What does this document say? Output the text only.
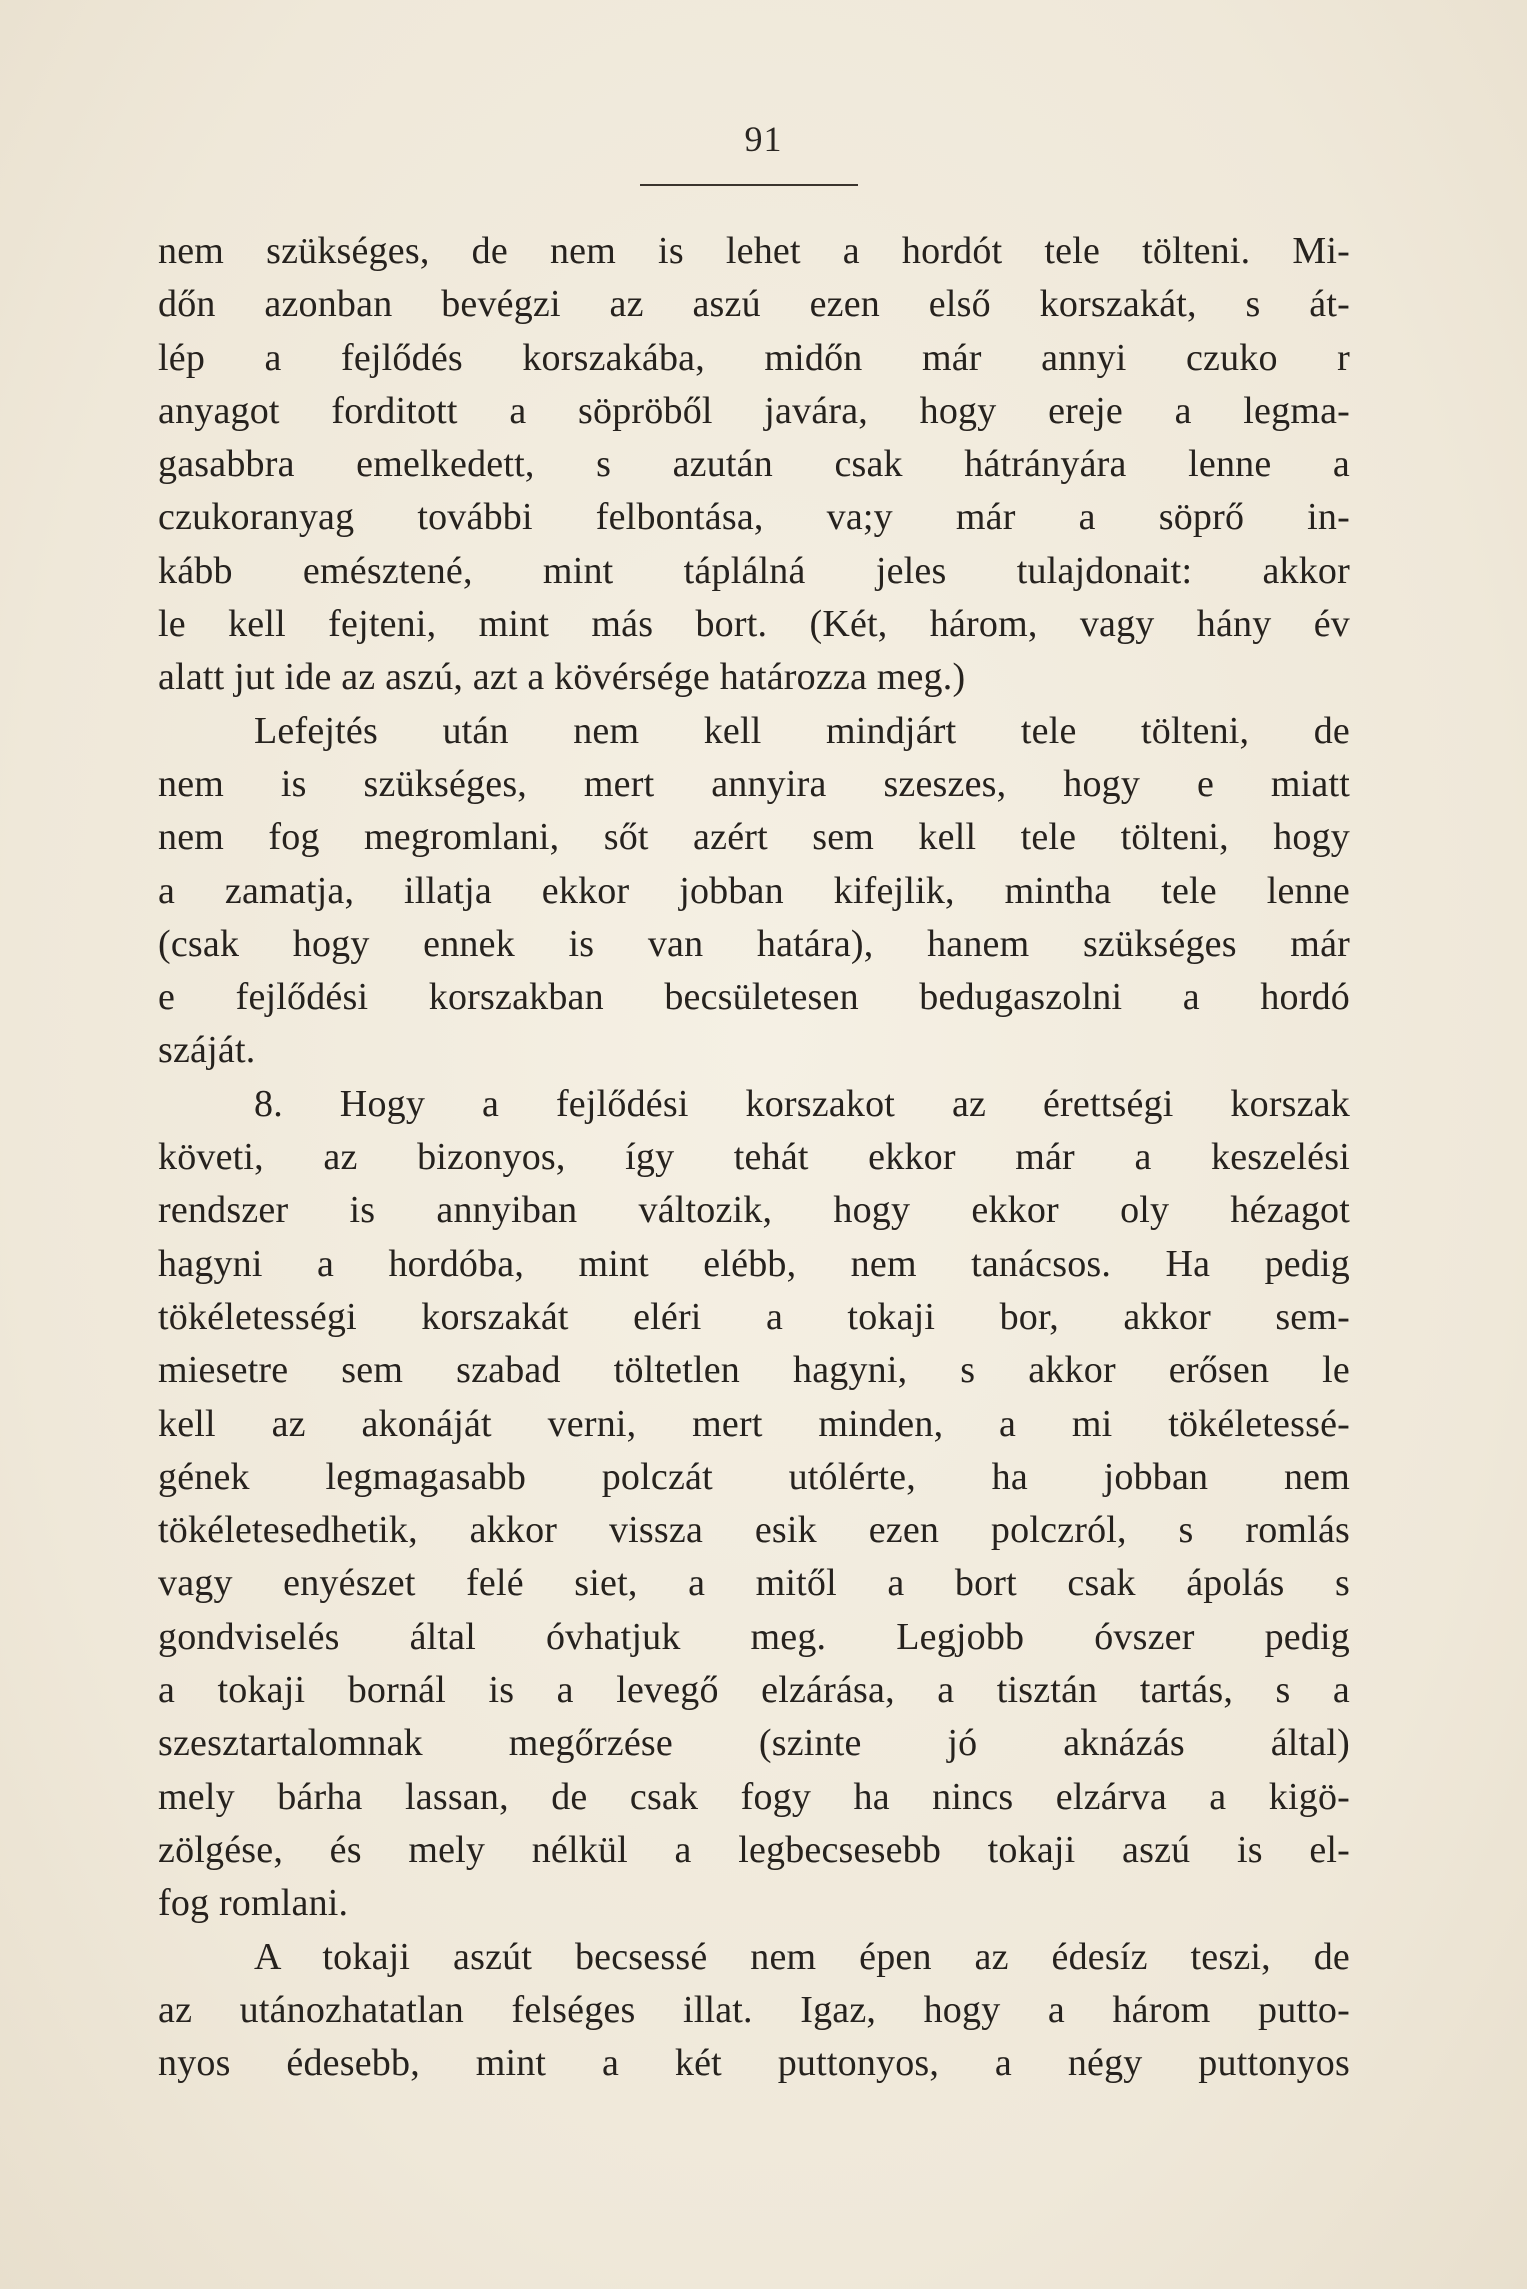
91
nem szükséges, de nem is lehet a hordót tele tölteni. Mi-
dőn azonban bevégzi az aszú ezen első korszakát, s át-
lép a fejlődés korszakába, midőn már annyi czuko r
anyagot forditott a söpröből javára, hogy ereje a legma-
gasabbra emelkedett, s azután csak hátrányára lenne a
czukoranyag további felbontása, va;y már a söprő in-
kább emésztené, mint táplálná jeles tulajdonait: akkor
le kell fejteni, mint más bort. (Két, három, vagy hány év
alatt jut ide az aszú, azt a kövérsége határozza meg.)
Lefejtés után nem kell mindjárt tele tölteni, de
nem is szükséges, mert annyira szeszes, hogy e miatt
nem fog megromlani, sőt azért sem kell tele tölteni, hogy
a zamatja, illatja ekkor jobban kifejlik, mintha tele lenne
(csak hogy ennek is van határa), hanem szükséges már
e fejlődési korszakban becsületesen bedugaszolni a hordó
száját.
8. Hogy a fejlődési korszakot az érettségi korszak
követi, az bizonyos, így tehát ekkor már a keszelési
rendszer is annyiban változik, hogy ekkor oly hézagot
hagyni a hordóba, mint elébb, nem tanácsos. Ha pedig
tökéletességi korszakát eléri a tokaji bor, akkor sem-
miesetre sem szabad töltetlen hagyni, s akkor erősen le
kell az akonáját verni, mert minden, a mi tökéletessé-
gének legmagasabb polczát utólérte, ha jobban nem
tökéletesedhetik, akkor vissza esik ezen polczról, s romlás
vagy enyészet felé siet, a mitől a bort csak ápolás s
gondviselés által óvhatjuk meg. Legjobb óvszer pedig
a tokaji bornál is a levegő elzárása, a tisztán tartás, s a
szesztartalomnak megőrzése (szinte jó aknázás által)
mely bárha lassan, de csak fogy ha nincs elzárva a kigö-
zölgése, és mely nélkül a legbecsesebb tokaji aszú is el-
fog romlani.
A tokaji aszút becsessé nem épen az édesíz teszi, de
az utánozhatatlan felséges illat. Igaz, hogy a három putto-
nyos édesebb, mint a két puttonyos, a négy puttonyos
